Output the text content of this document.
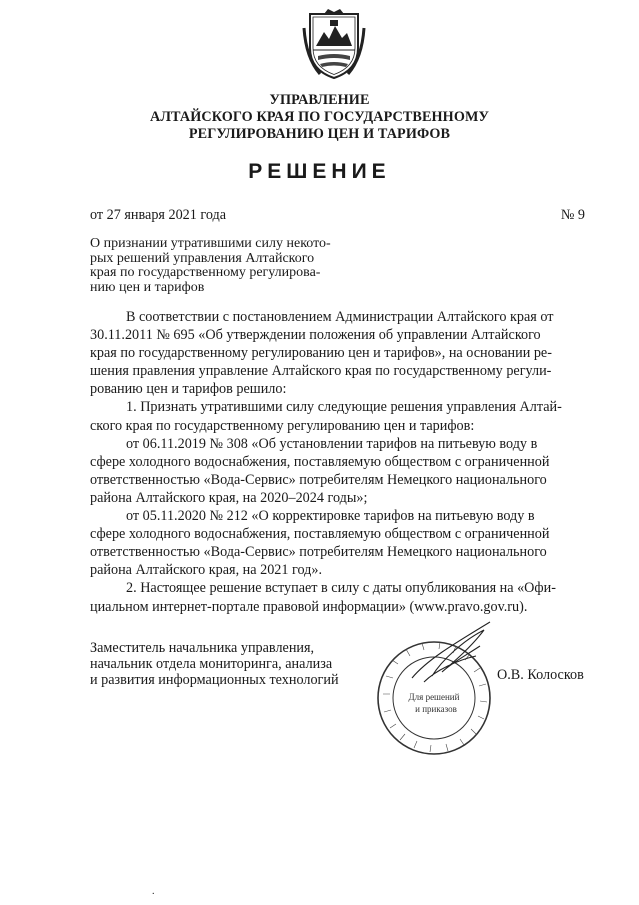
УПРАВЛЕНИЕ
АЛТАЙСКОГО КРАЯ ПО ГОСУДАРСТВЕННОМУ
РЕГУЛИРОВАНИЮ ЦЕН И ТАРИФОВ
РЕШЕНИЕ
от 27 января 2021 года	№ 9
О признании утратившими силу некото-
рых решений управления Алтайского
края по государственному регулирова-
нию цен и тарифов
В соответствии с постановлением Администрации Алтайского края от
30.11.2011 № 695 «Об утверждении положения об управлении Алтайского
края по государственному регулированию цен и тарифов», на основании ре-
шения правления управление Алтайского края по государственному регули-
рованию цен и тарифов решило:
1. Признать утратившими силу следующие решения управления Алтай-
ского края по государственному регулированию цен и тарифов:
от 06.11.2019 № 308 «Об установлении тарифов на питьевую воду в
сфере холодного водоснабжения, поставляемую обществом с ограниченной
ответственностью «Вода-Сервис» потребителям Немецкого национального
района Алтайского края, на 2020–2024 годы»;
от 05.11.2020 № 212 «О корректировке тарифов на питьевую воду в
сфере холодного водоснабжения, поставляемую обществом с ограниченной
ответственностью «Вода-Сервис» потребителям Немецкого национального
района Алтайского края, на 2021 год».
2. Настоящее решение вступает в силу с даты опубликования на «Офи-
циальном интернет-портале правовой информации» (www.pravo.gov.ru).
Заместитель начальника управления,
начальник отдела мониторинга, анализа
и развития информационных технологий
Для решений
и приказов
О.В. Колосков
.
